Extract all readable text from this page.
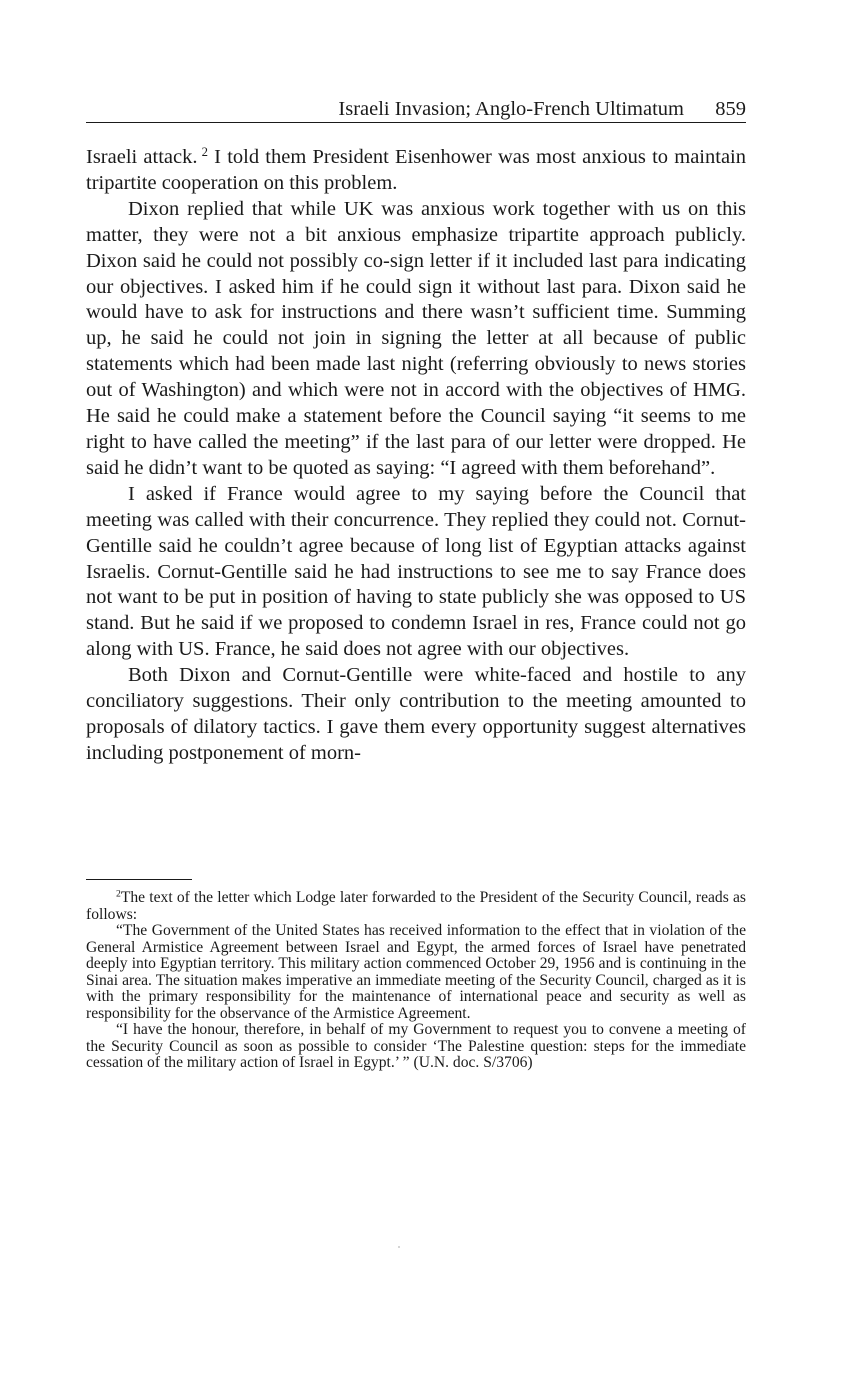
Israeli Invasion; Anglo-French Ultimatum 859

Israeli attack.  $^2$ I told them President Eisenhower was most anxious to maintain tripartite cooperation on this problem.

Dixon replied that while UK was anxious work together with us on this matter, they were not a bit anxious emphasize tripartite approach publicly. Dixon said he could not possibly co-sign letter if it included last para indicating our objectives. I asked him if he could sign it without last para. Dixon said he would have to ask for instructions and there wasn’t sufficient time. Summing up, he said he could not join in signing the letter at all because of public statements which had been made last night (referring obviously to news stories out of Washington) and which were not in accord with the objectives of HMG. He said he could make a statement before the Council saying “it seems to me right to have called the meeting” if the last para of our letter were dropped. He said he didn’t want to be quoted as saying: “I agreed with them beforehand”.

I asked if France would agree to my saying before the Council that meeting was called with their concurrence. They replied they could not. Cornut-Gentille said he couldn’t agree because of long list of Egyptian attacks against Israelis. Cornut-Gentille said he had instructions to see me to say France does not want to be put in position of having to state publicly she was opposed to US stand. But he said if we proposed to condemn Israel in res, France could not go along with US. France, he said does not agree with our objectives.

Both Dixon and Cornut-Gentille were white-faced and hostile to any conciliatory suggestions. Their only contribution to the meeting amounted to proposals of dilatory tactics. I gave them every opportunity suggest alternatives including postponement of morn-

$^2$The text of the letter which Lodge later forwarded to the President of the Security Council, reads as follows:

“The Government of the United States has received information to the effect that in violation of the General Armistice Agreement between Israel and Egypt, the armed forces of Israel have penetrated deeply into Egyptian territory. This military action commenced October 29, 1956 and is continuing in the Sinai area. The situation makes imperative an immediate meeting of the Security Council, charged as it is with the primary responsibility for the maintenance of international peace and security as well as responsibility for the observance of the Armistice Agreement.

“I have the honour, therefore, in behalf of my Government to request you to convene a meeting of the Security Council as soon as possible to consider ‘The Palestine question: steps for the immediate cessation of the military action of Israel in Egypt.’ ” (U.N. doc. S/3706)
